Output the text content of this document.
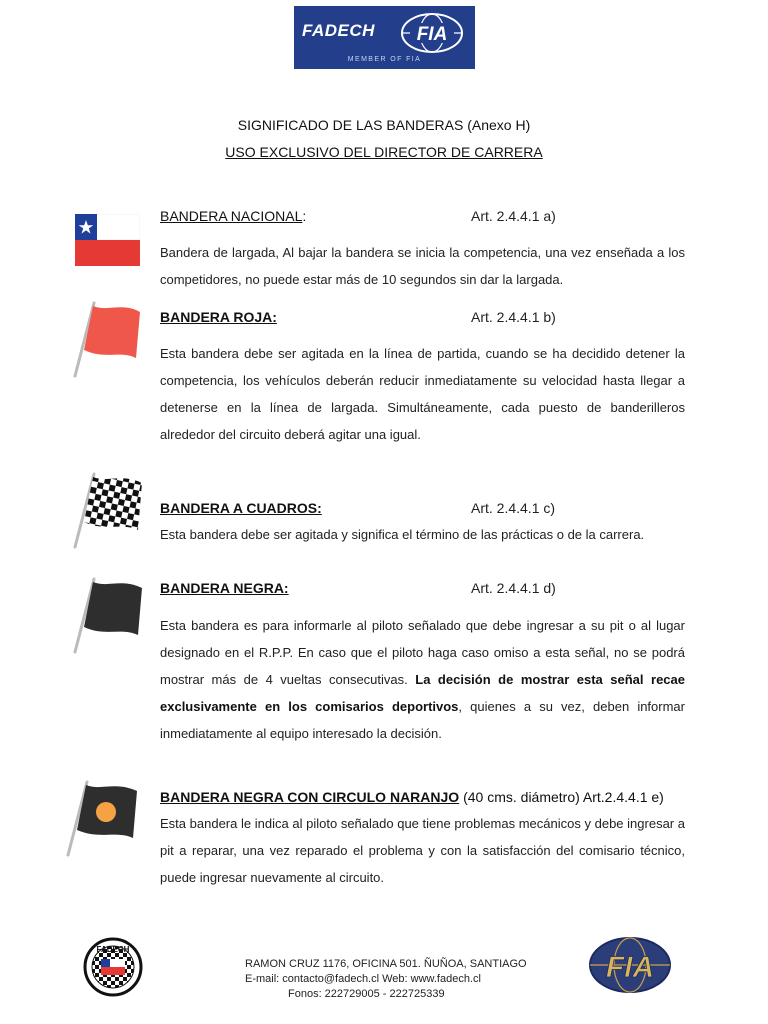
FADECH FIA
MEMBER OF FIA
SIGNIFICADO DE LAS BANDERAS (Anexo H)
USO EXCLUSIVO DEL DIRECTOR DE CARRERA
BANDERA NACIONAL:	Art. 2.4.4.1 a)
Bandera de largada, Al bajar la bandera se inicia la competencia, una vez enseñada a los competidores, no puede estar más de 10 segundos sin dar la largada.
BANDERA ROJA:	Art. 2.4.4.1 b)
Esta bandera debe ser agitada en la línea de partida, cuando se ha decidido detener la competencia, los vehículos deberán reducir inmediatamente su velocidad hasta llegar a detenerse en la línea de largada. Simultáneamente, cada puesto de banderilleros alrededor del circuito deberá agitar una igual.
BANDERA A CUADROS:	Art. 2.4.4.1 c)
Esta bandera debe ser agitada y significa el término de las prácticas o de la carrera.
BANDERA NEGRA:	Art. 2.4.4.1 d)
Esta bandera es para informarle al piloto señalado que debe ingresar a su pit o al lugar designado en el R.P.P. En caso que el piloto haga caso omiso a esta señal, no se podrá mostrar más de 4 vueltas consecutivas. La decisión de mostrar esta señal recae exclusivamente en los comisarios deportivos, quienes a su vez, deben informar inmediatamente al equipo interesado la decisión.
BANDERA NEGRA CON CIRCULO NARANJO (40 cms. diámetro) Art.2.4.4.1 e)
Esta bandera le indica al piloto señalado que tiene problemas mecánicos y debe ingresar a pit a reparar, una vez reparado el problema y con la satisfacción del comisario técnico, puede ingresar nuevamente al circuito.
FADECH
FIA
RAMON CRUZ 1176, OFICINA 501. ÑUÑOA, SANTIAGO
E-mail: contacto@fadech.cl Web: www.fadech.cl
Fonos: 222729005 - 222725339
